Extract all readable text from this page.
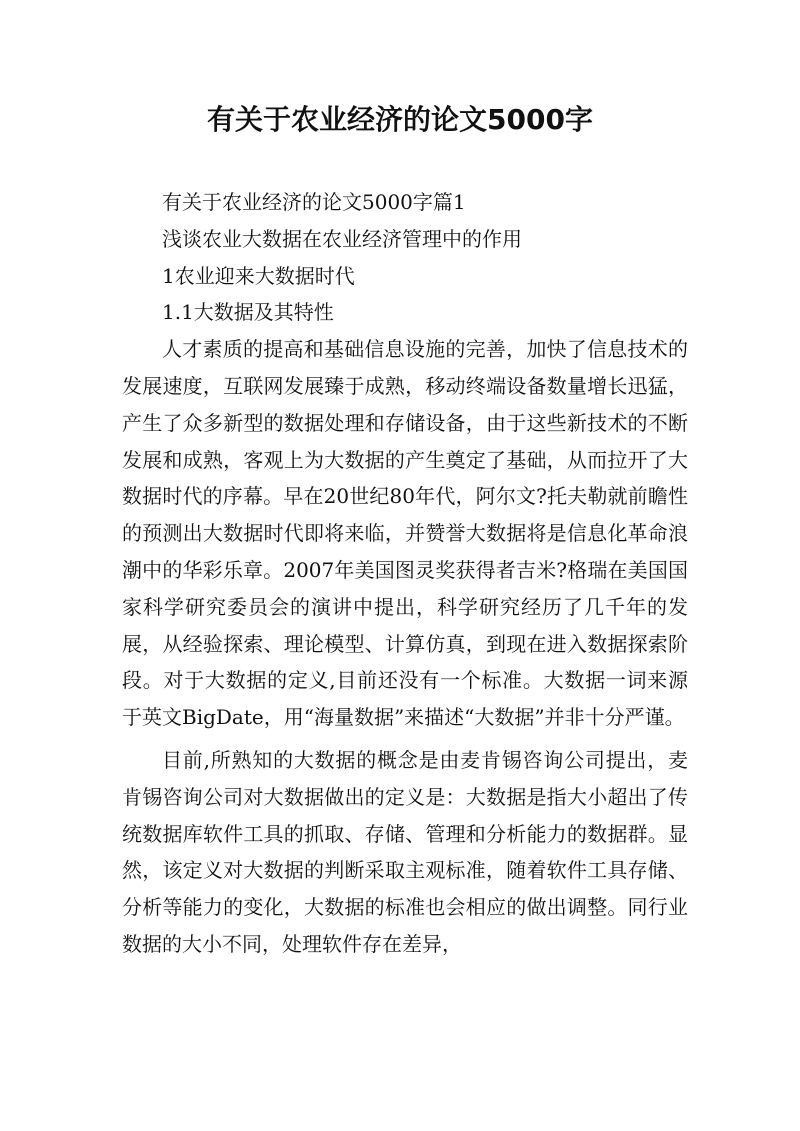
有关于农业经济的论文5000字

有关于农业经济的论文5000字篇1

浅谈农业大数据在农业经济管理中的作用

1农业迎来大数据时代

1.1大数据及其特性

人才素质的提高和基础信息设施的完善，加快了信息技术的发展速度，互联网发展臻于成熟，移动终端设备数量增长迅猛，产生了众多新型的数据处理和存储设备，由于这些新技术的不断发展和成熟，客观上为大数据的产生奠定了基础，从而拉开了大数据时代的序幕。早在20世纪80年代，阿尔文?托夫勒就前瞻性的预测出大数据时代即将来临，并赞誉大数据将是信息化革命浪潮中的华彩乐章。2007年美国图灵奖获得者吉米?格瑞在美国国家科学研究委员会的演讲中提出，科学研究经历了几千年的发展，从经验探索、理论模型、计算仿真，到现在进入数据探索阶段。对于大数据的定义,目前还没有一个标准。大数据一词来源于英文BigDate，用“海量数据”来描述“大数据”并非十分严谨。

目前,所熟知的大数据的概念是由麦肯锡咨询公司提出，麦肯锡咨询公司对大数据做出的定义是：大数据是指大小超出了传统数据库软件工具的抓取、存储、管理和分析能力的数据群。显然，该定义对大数据的判断采取主观标准，随着软件工具存储、分析等能力的变化，大数据的标准也会相应的做出调整。同行业数据的大小不同，处理软件存在差异，
